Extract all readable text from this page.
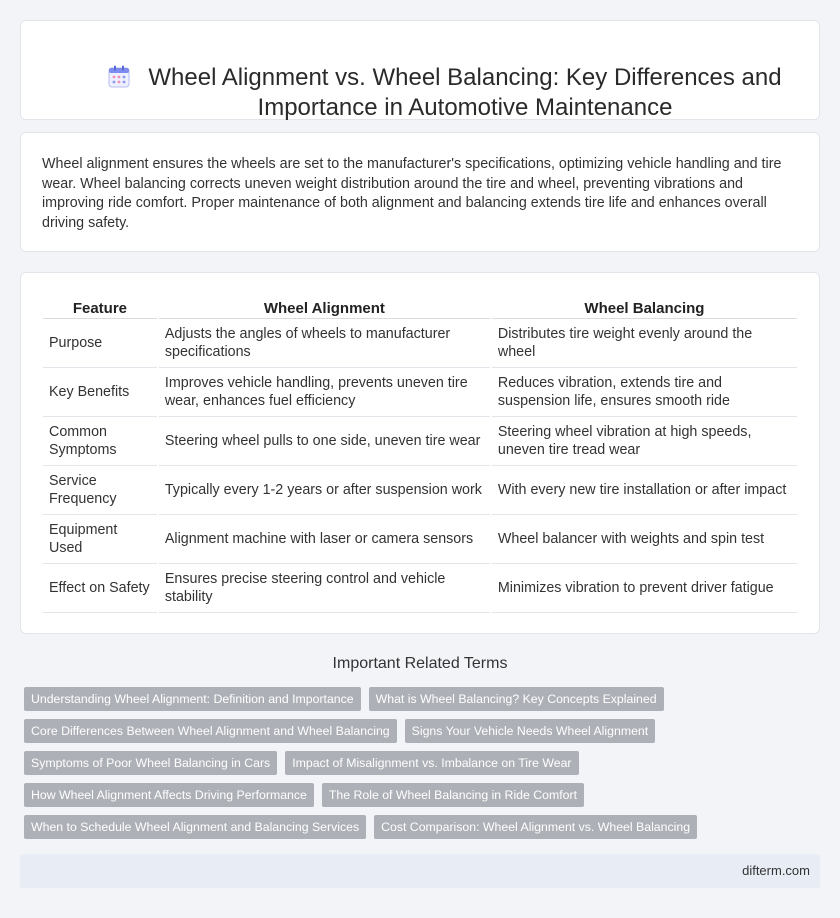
Wheel Alignment vs. Wheel Balancing: Key Differences and Importance in Automotive Maintenance

Wheel alignment ensures the wheels are set to the manufacturer's specifications, optimizing vehicle handling and tire wear. Wheel balancing corrects uneven weight distribution around the tire and wheel, preventing vibrations and improving ride comfort. Proper maintenance of both alignment and balancing extends tire life and enhances overall driving safety.

Feature	Wheel Alignment	Wheel Balancing
Purpose	Adjusts the angles of wheels to manufacturer specifications	Distributes tire weight evenly around the wheel
Key Benefits	Improves vehicle handling, prevents uneven tire wear, enhances fuel efficiency	Reduces vibration, extends tire and suspension life, ensures smooth ride
Common Symptoms	Steering wheel pulls to one side, uneven tire wear	Steering wheel vibration at high speeds, uneven tire tread wear
Service Frequency	Typically every 1-2 years or after suspension work	With every new tire installation or after impact
Equipment Used	Alignment machine with laser or camera sensors	Wheel balancer with weights and spin test
Effect on Safety	Ensures precise steering control and vehicle stability	Minimizes vibration to prevent driver fatigue
Important Related Terms
Understanding Wheel Alignment: Definition and Importance What is Wheel Balancing? Key Concepts Explained
Core Differences Between Wheel Alignment and Wheel Balancing Signs Your Vehicle Needs Wheel Alignment
Symptoms of Poor Wheel Balancing in Cars Impact of Misalignment vs. Imbalance on Tire Wear
How Wheel Alignment Affects Driving Performance The Role of Wheel Balancing in Ride Comfort
When to Schedule Wheel Alignment and Balancing Services Cost Comparison: Wheel Alignment vs. Wheel Balancing
difterm.com
